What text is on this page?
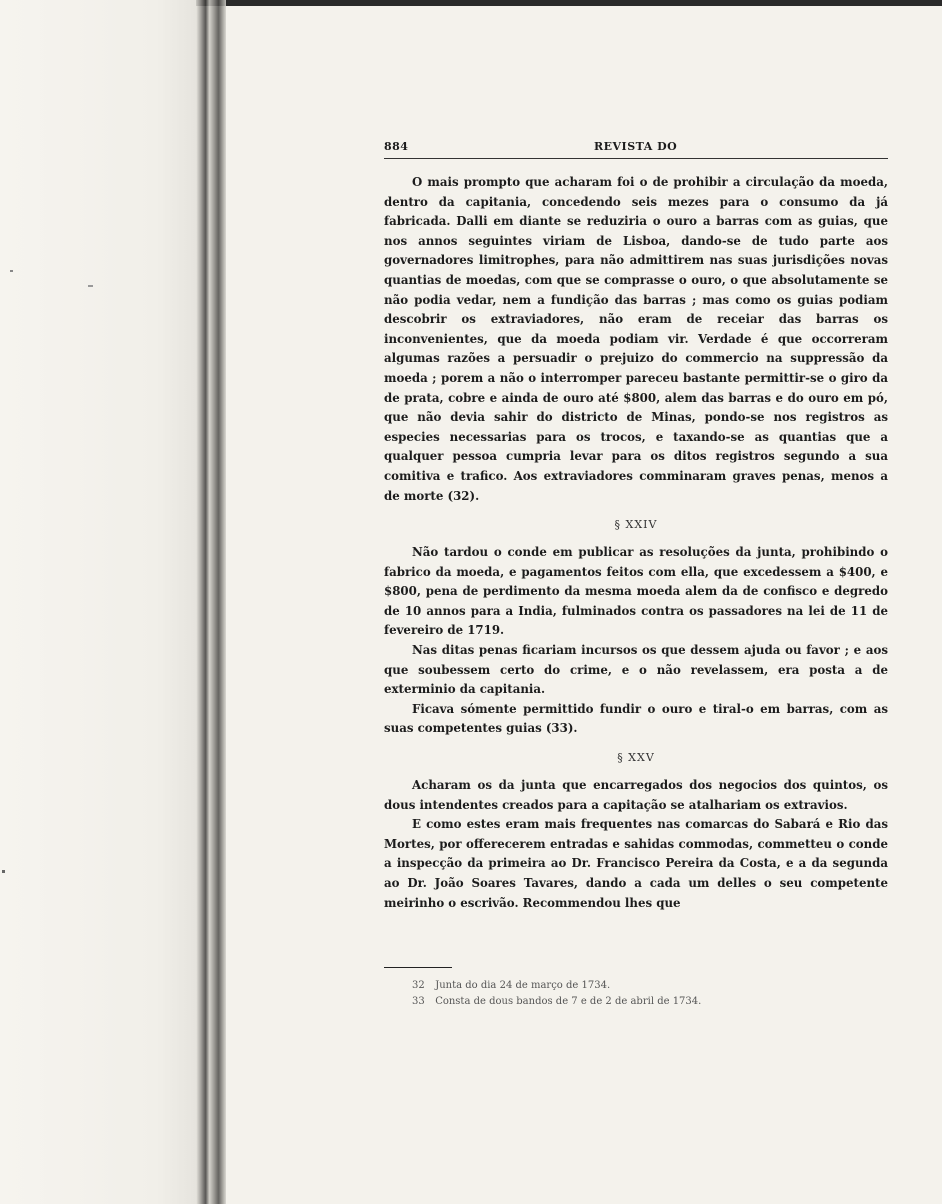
884	REVISTA DO

O mais prompto que acharam foi o de prohibir a circulação da moeda, dentro da capitania, concedendo seis mezes para o consumo da já fabricada. Dalli em diante se reduziria o ouro a barras com as guias, que nos annos seguintes viriam de Lisboa, dando-se de tudo parte aos governadores limitrophes, para não admittirem nas suas jurisdições novas quantias de moedas, com que se comprasse o ouro, o que absolutamente se não podia vedar, nem a fundição das barras ; mas como os guias podiam descobrir os extraviadores, não eram de receiar das barras os inconvenientes, que da moeda podiam vir. Verdade é que occorreram algumas razões a persuadir o prejuizo do commercio na suppressão da moeda ; porem a não o interromper pareceu bastante permittir-se o giro da de prata, cobre e ainda de ouro até $800, alem das barras e do ouro em pó, que não devia sahir do districto de Minas, pondo-se nos registros as especies necessarias para os trocos, e taxando-se as quantias que a qualquer pessoa cumpria levar para os ditos registros segundo a sua comitiva e trafico. Aos extraviadores comminaram graves penas, menos a de morte (32).

§ XXIV

Não tardou o conde em publicar as resoluções da junta, prohibindo o fabrico da moeda, e pagamentos feitos com ella, que excedessem a $400, e $800, pena de perdimento da mesma moeda alem da de confisco e degredo de 10 annos para a India, fulminados contra os passadores na lei de 11 de fevereiro de 1719.

Nas ditas penas ficariam incursos os que dessem ajuda ou favor ; e aos que soubessem certo do crime, e o não revelassem, era posta a de exterminio da capitania.

Ficava sómente permittido fundir o ouro e tiral-o em barras, com as suas competentes guias (33).

§ XXV

Acharam os da junta que encarregados dos negocios dos quintos, os dous intendentes creados para a capitação se atalhariam os extravios.

E como estes eram mais frequentes nas comarcas do Sabará e Rio das Mortes, por offerecerem entradas e sahidas commodas, commetteu o conde a inspecção da primeira ao Dr. Francisco Pereira da Costa, e a da segunda ao Dr. João Soares Tavares, dando a cada um delles o seu competente meirinho o escrivão. Recommendou lhes que

32 Junta do dia 24 de março de 1734.

33 Consta de dous bandos de 7 e de 2 de abril de 1734.
